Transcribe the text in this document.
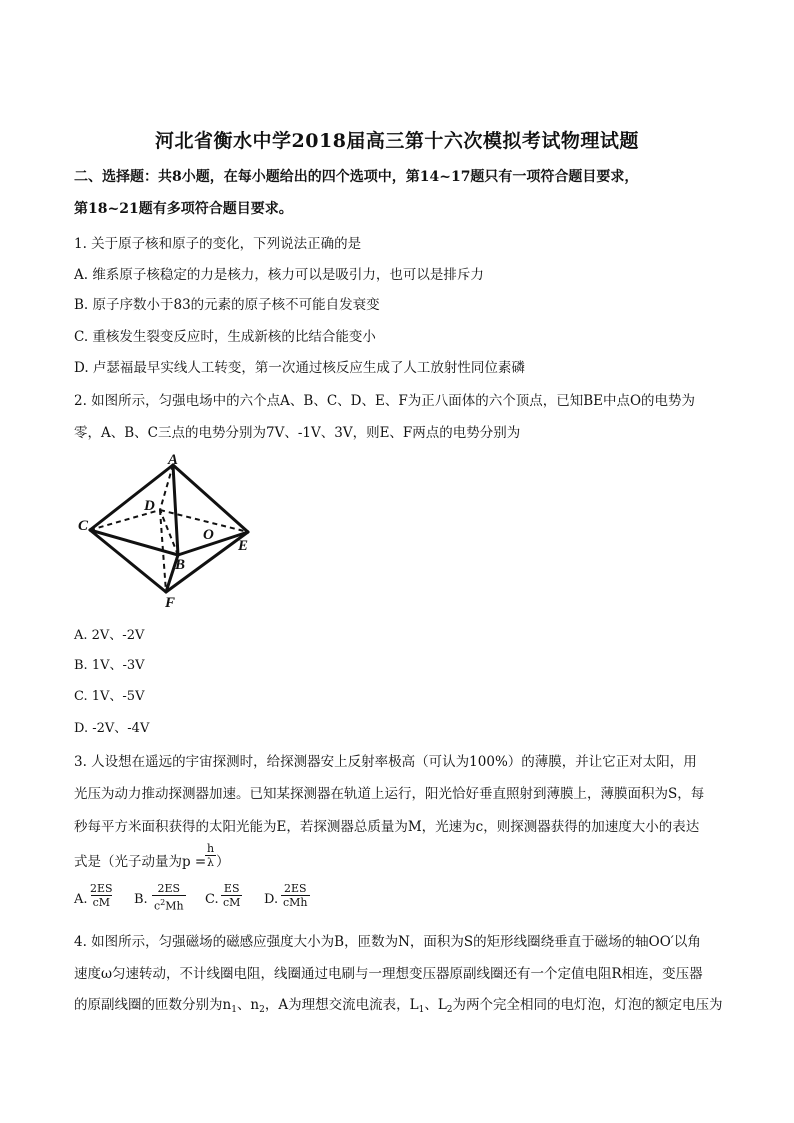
河北省衡水中学2018届高三第十六次模拟考试物理试题
二、选择题：共8小题，在每小题给出的四个选项中，第14~17题只有一项符合题目要求，
第18~21题有多项符合题目要求。
1. 关于原子核和原子的变化，下列说法正确的是
A. 维系原子核稳定的力是核力，核力可以是吸引力，也可以是排斥力
B. 原子序数小于83的元素的原子核不可能自发衰变
C. 重核发生裂变反应时，生成新核的比结合能变小
D. 卢瑟福最早实线人工转变，第一次通过核反应生成了人工放射性同位素磷
2. 如图所示，匀强电场中的六个点A、B、C、D、E、F为正八面体的六个顶点，已知BE中点O的电势为
零，A、B、C三点的电势分别为7V、-1V、3V，则E、F两点的电势分别为
A
D
C
O
E
B
F
A. 2V、-2V
B. 1V、-3V
C. 1V、-5V
D. -2V、-4V
3. 人设想在遥远的宇宙探测时，给探测器安上反射率极高（可认为100%）的薄膜，并让它正对太阳，用
光压为动力推动探测器加速。已知某探测器在轨道上运行，阳光恰好垂直照射到薄膜上，薄膜面积为S，每
秒每平方米面积获得的太阳光能为E，若探测器总质量为M，光速为c，则探测器获得的加速度大小的表达
式是（光子动量为p =
$\frac{h}{\lambda}$ ）
A. $\frac{2ES}{cM} B$. $\frac{2ES}{c^2Mh} C$. $\frac{ES}{cM} D$.
2ES
cMh
4. 如图所示，匀强磁场的磁感应强度大小为B，匝数为N，面积为S的矩形线圈绕垂直于磁场的轴OO′以角
速度ω匀速转动，不计线圈电阻，线圈通过电刷与一理想变压器原副线圈还有一个定值电阻R相连，变压器
的原副线圈的匝数分别为$n_1$、$n_2$，A为理想交流电流表，$L_1$、$L_2$为两个完全相同的电灯泡，灯泡的额定电压为
